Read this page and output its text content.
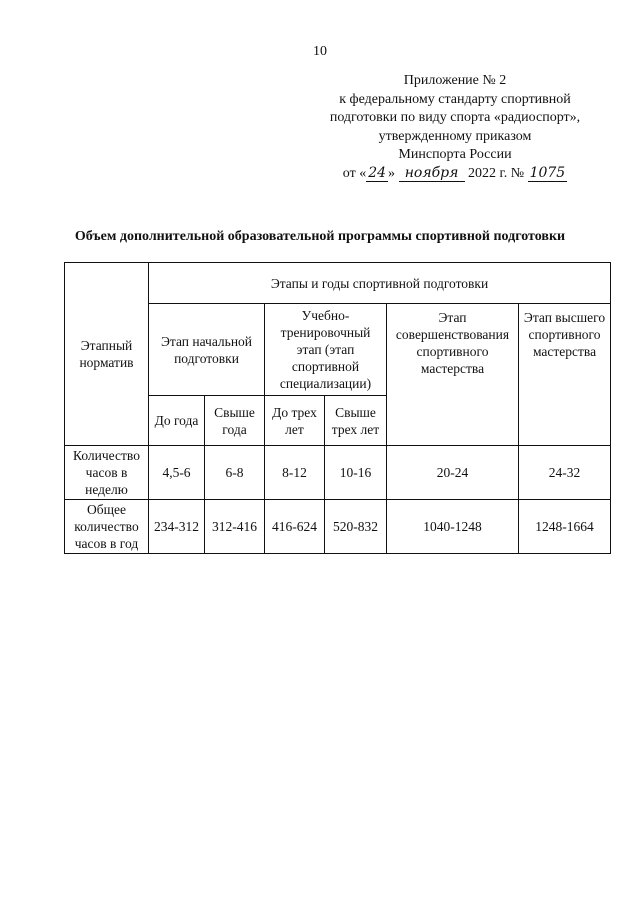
10
Приложение № 2
к федеральному стандарту спортивной
подготовки по виду спорта «радиоспорт»,
утвержденному приказом
Минспорта России
от « 24 » ноября 2022 г. № 1075
Объем дополнительной образовательной программы спортивной подготовки
Этапный норматив	Этапы и годы спортивной подготовки					
	Этап начальной подготовки		Учебно-тренировочный этап (этап спортивной специализации)		Этап совершенствования спортивного мастерства	Этап высшего спортивного мастерства
	До года	Свыше года	До трех лет	Свыше трех лет		
Количество часов в неделю	4,5-6	6-8	8-12	10-16	20-24	24-32
Общее количество часов в год	234-312	312-416	416-624	520-832	1040-1248	1248-1664
